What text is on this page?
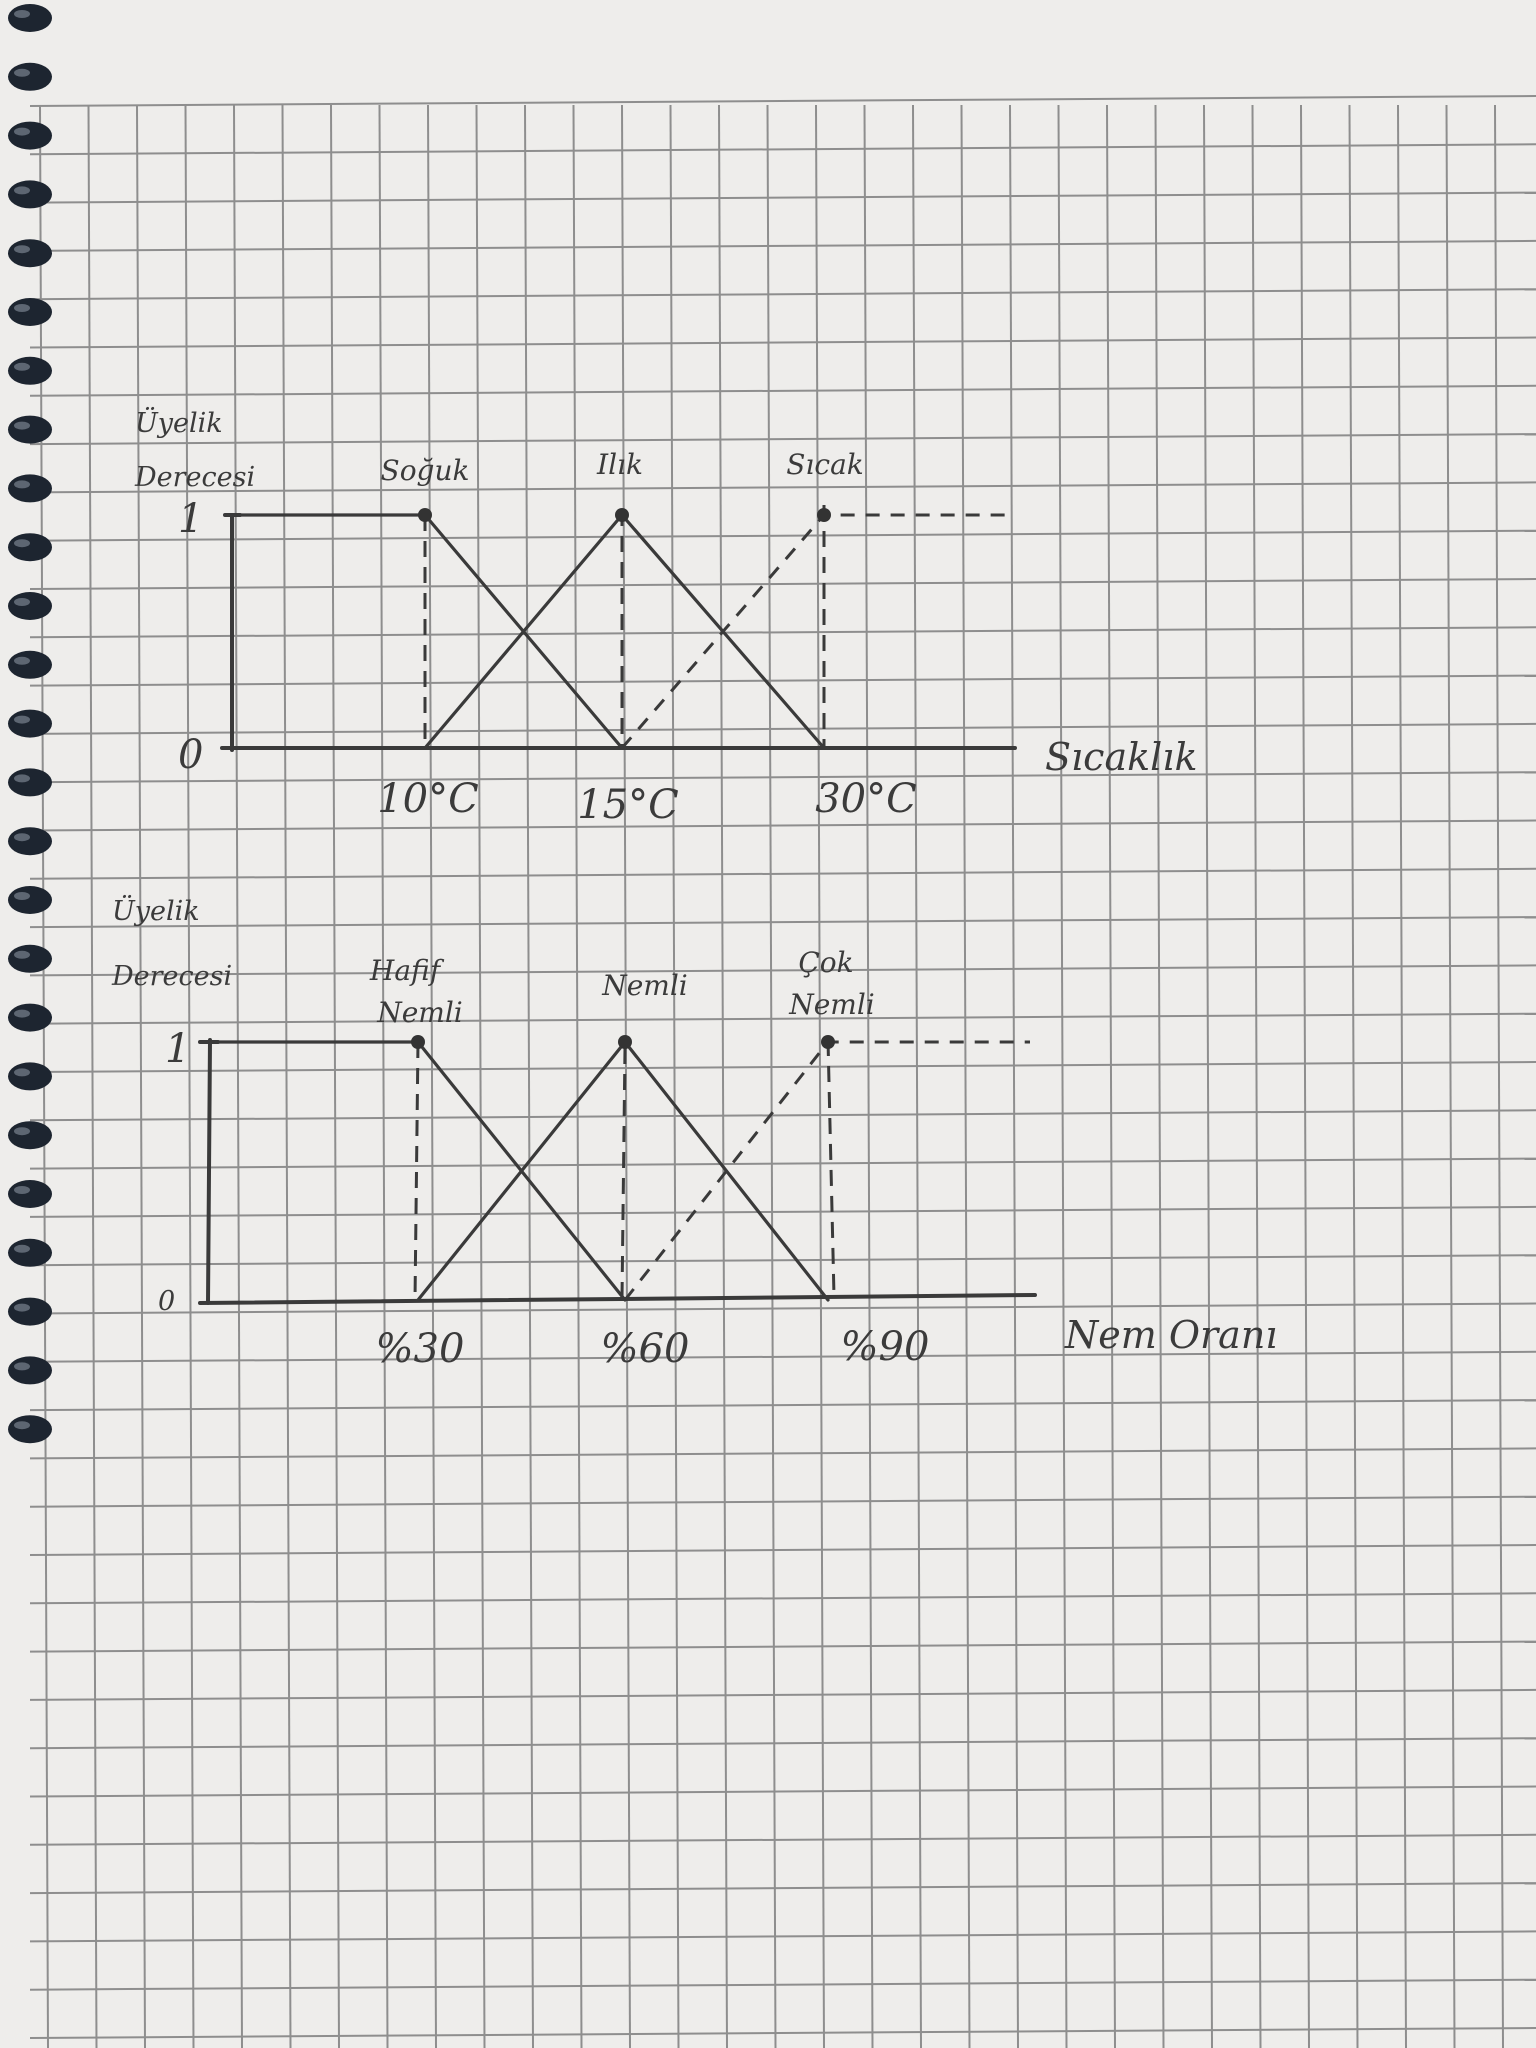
Üyelik
Derecesi
1
0
Soğuk	Ilık	Sıcak
10°C 15°C	30°C
Sıcaklık
Üyelik
Derecesi
1
0
Hafif
Nemli
Nemli
Çok
Nemli
%30	%60	%90	Nem Oranı
